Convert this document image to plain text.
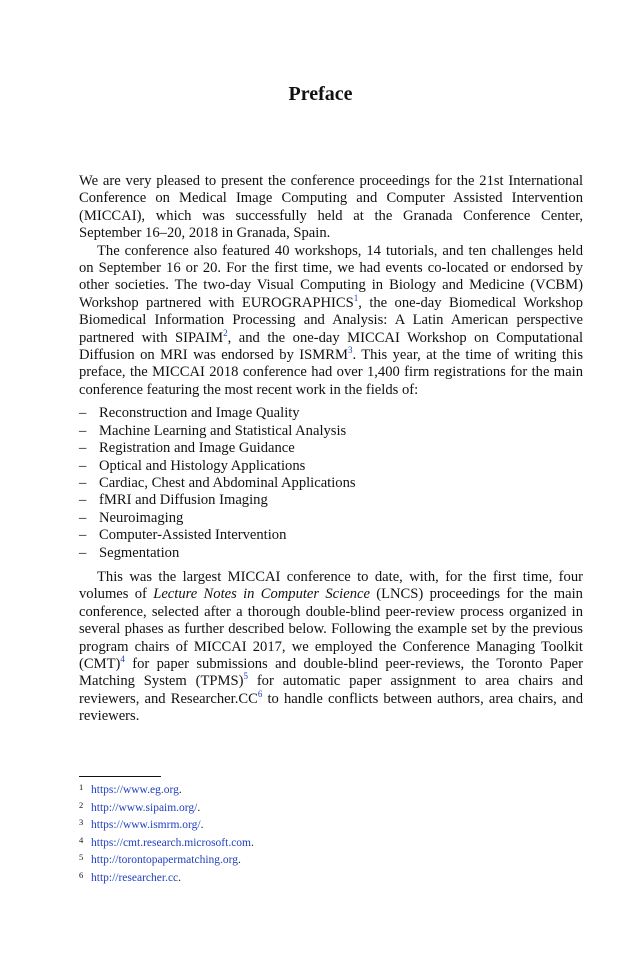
Preface

We are very pleased to present the conference proceedings for the 21st International Conference on Medical Image Computing and Computer Assisted Intervention (MICCAI), which was successfully held at the Granada Conference Center, September 16–20, 2018 in Granada, Spain.

The conference also featured 40 workshops, 14 tutorials, and ten challenges held on September 16 or 20. For the first time, we had events co-located or endorsed by other societies. The two-day Visual Computing in Biology and Medicine (VCBM) Workshop partnered with EUROGRAPHICS$^1$, the one-day Biomedical Workshop Biomedical Information Processing and Analysis: A Latin American perspective partnered with SIPAIM$^2$, and the one-day MICCAI Workshop on Computational Diffusion on MRI was endorsed by ISMRM$^3$. This year, at the time of writing this preface, the MICCAI 2018 conference had over 1,400 firm registrations for the main conference featuring the most recent work in the fields of:

– Reconstruction and Image Quality
– Machine Learning and Statistical Analysis
– Registration and Image Guidance
– Optical and Histology Applications
– Cardiac, Chest and Abdominal Applications
– fMRI and Diffusion Imaging
– Neuroimaging
– Computer-Assisted Intervention
– Segmentation

This was the largest MICCAI conference to date, with, for the first time, four volumes of Lecture Notes in Computer Science (LNCS) proceedings for the main conference, selected after a thorough double-blind peer-review process organized in several phases as further described below. Following the example set by the previous program chairs of MICCAI 2017, we employed the Conference Managing Toolkit (CMT)$^4$ for paper submissions and double-blind peer-reviews, the Toronto Paper Matching System (TPMS)$^5$ for automatic paper assignment to area chairs and reviewers, and $Researcher.CC^6$ to handle conflicts between authors, area chairs, and reviewers.

1 https://www.eg.org.
2 http://www.sipaim.org/.
3 https://www.ismrm.org/.
4 https://cmt.research.microsoft.com.
5 http://torontopapermatching.org.
6 http://researcher.cc.
